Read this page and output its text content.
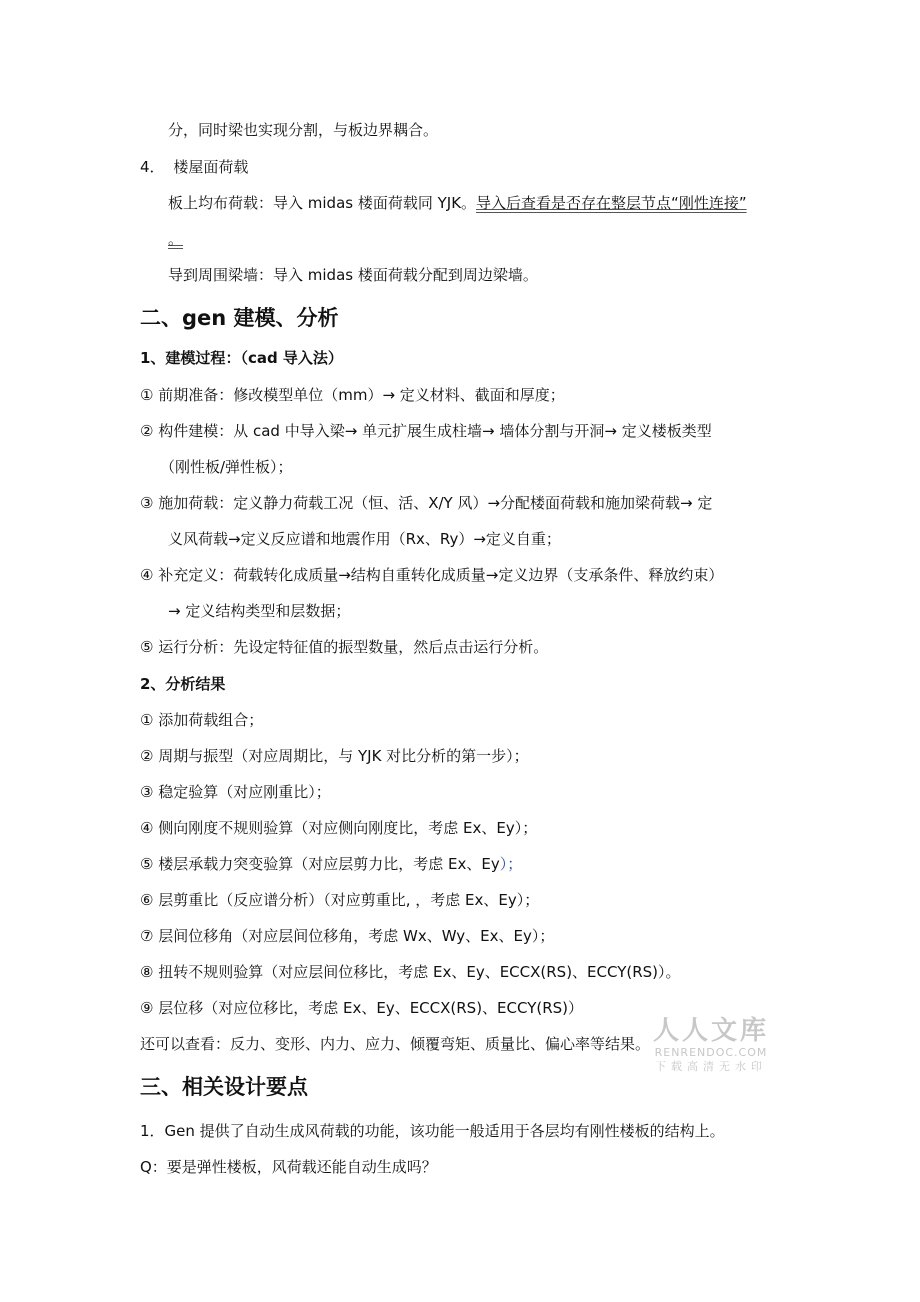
分，同时梁也实现分割，与板边界耦合。
4． 楼屋面荷载
板上均布荷载：导入 midas 楼面荷载同 YJK。导入后查看是否存在整层节点“刚性连接”
。
导到周围梁墙：导入 midas 楼面荷载分配到周边梁墙。
二、gen 建模、分析
1、建模过程：（cad 导入法）
① 前期准备：修改模型单位（mm）→ 定义材料、截面和厚度；
② 构件建模：从 cad 中导入梁→ 单元扩展生成柱墙→ 墙体分割与开洞→ 定义楼板类型
（刚性板/弹性板）；
③ 施加荷载：定义静力荷载工况（恒、活、X/Y 风）→分配楼面荷载和施加梁荷载→ 定
义风荷载→定义反应谱和地震作用（Rx、Ry）→定义自重；
④ 补充定义：荷载转化成质量→结构自重转化成质量→定义边界（支承条件、释放约束）
→ 定义结构类型和层数据；
⑤ 运行分析：先设定特征值的振型数量，然后点击运行分析。
2、分析结果
① 添加荷载组合；
② 周期与振型（对应周期比，与 YJK 对比分析的第一步）；
③ 稳定验算（对应刚重比）；
④ 侧向刚度不规则验算（对应侧向刚度比，考虑 Ex、Ey）；
⑤ 楼层承载力突变验算（对应层剪力比，考虑 Ex、Ey）；
⑥ 层剪重比（反应谱分析）（对应剪重比, ，考虑 Ex、Ey）；
⑦ 层间位移角（对应层间位移角，考虑 Wx、Wy、Ex、Ey）；
⑧ 扭转不规则验算（对应层间位移比，考虑 Ex、Ey、ECCX(RS)、ECCY(RS)）。
⑨ 层位移（对应位移比，考虑 Ex、Ey、ECCX(RS)、ECCY(RS)）
还可以查看：反力、变形、内力、应力、倾覆弯矩、质量比、偏心率等结果。
三、相关设计要点
1．Gen 提供了自动生成风荷载的功能，该功能一般适用于各层均有刚性楼板的结构上。
Q：要是弹性楼板，风荷载还能自动生成吗？
人人文库
RENRENDOC.COM
下载高清无水印
